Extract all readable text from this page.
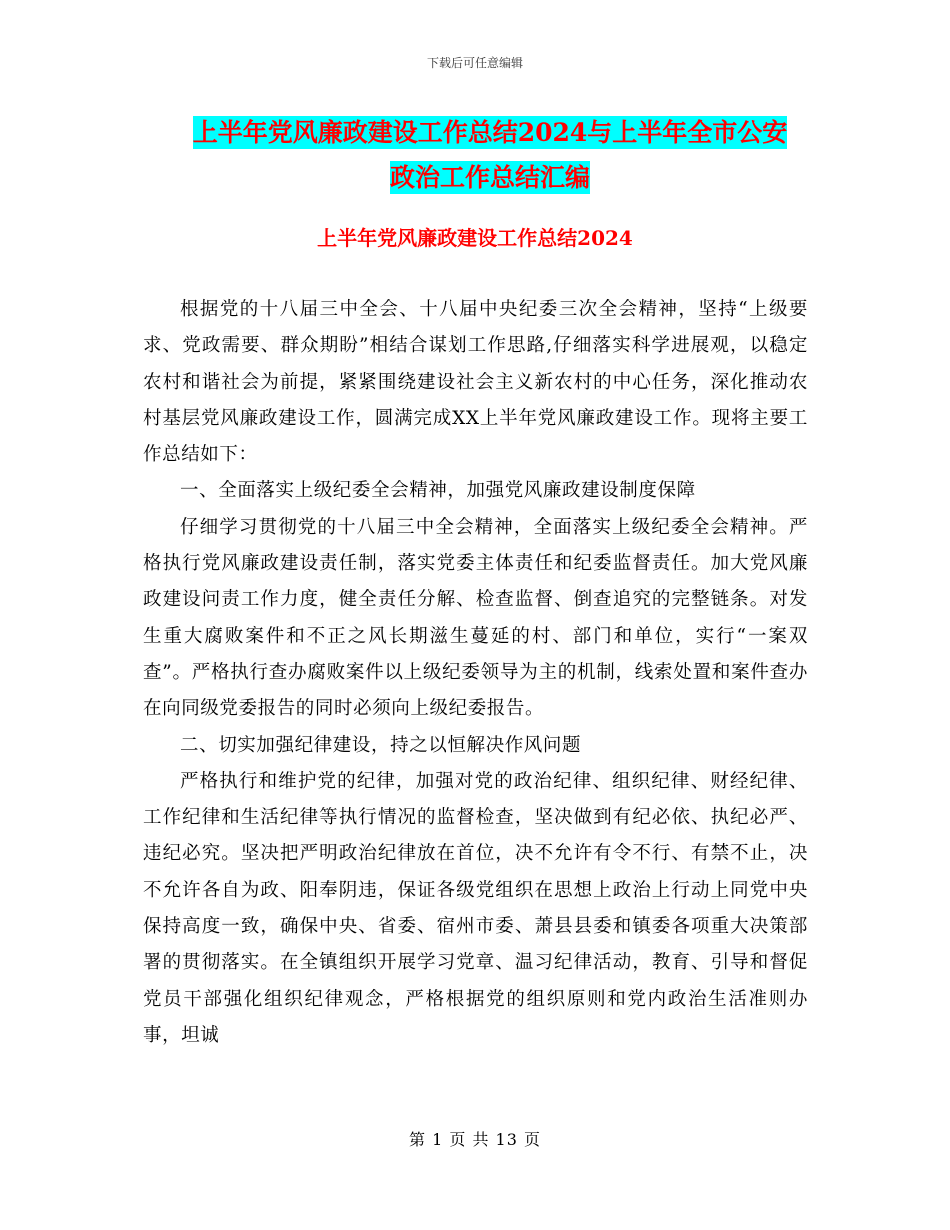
下载后可任意编辑
上半年党风廉政建设工作总结2024与上半年全市公安
政治工作总结汇编
上半年党风廉政建设工作总结2024

根据党的十八届三中全会、十八届中央纪委三次全会精神，坚持“上级要求、党政需要、群众期盼”相结合谋划工作思路,仔细落实科学进展观，以稳定农村和谐社会为前提，紧紧围绕建设社会主义新农村的中心任务，深化推动农村基层党风廉政建设工作，圆满完成XX上半年党风廉政建设工作。现将主要工作总结如下：

一、全面落实上级纪委全会精神，加强党风廉政建设制度保障

仔细学习贯彻党的十八届三中全会精神，全面落实上级纪委全会精神。严格执行党风廉政建设责任制，落实党委主体责任和纪委监督责任。加大党风廉政建设问责工作力度，健全责任分解、检查监督、倒查追究的完整链条。对发生重大腐败案件和不正之风长期滋生蔓延的村、部门和单位，实行“一案双查”。严格执行查办腐败案件以上级纪委领导为主的机制，线索处置和案件查办在向同级党委报告的同时必须向上级纪委报告。

二、切实加强纪律建设，持之以恒解决作风问题

严格执行和维护党的纪律，加强对党的政治纪律、组织纪律、财经纪律、工作纪律和生活纪律等执行情况的监督检查，坚决做到有纪必依、执纪必严、违纪必究。坚决把严明政治纪律放在首位，决不允许有令不行、有禁不止，决不允许各自为政、阳奉阴违，保证各级党组织在思想上政治上行动上同党中央保持高度一致，确保中央、省委、宿州市委、萧县县委和镇委各项重大决策部署的贯彻落实。在全镇组织开展学习党章、温习纪律活动，教育、引导和督促党员干部强化组织纪律观念，严格根据党的组织原则和党内政治生活准则办事，坦诚

第 1 页 共 13 页
